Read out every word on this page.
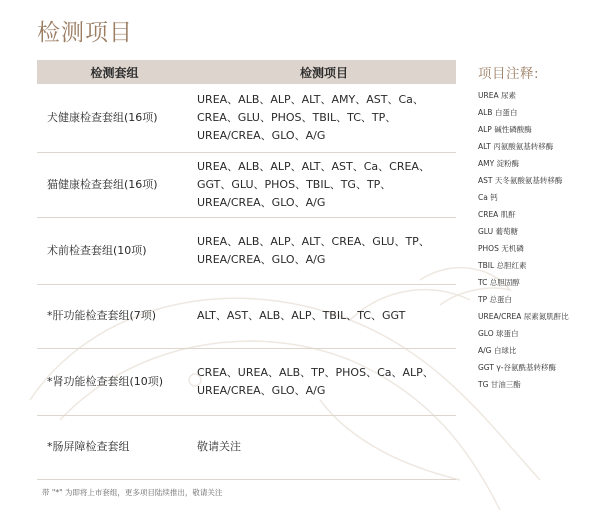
检测项目
检测套组	检测项目
犬健康检查套组(16项)	UREA、ALB、ALP、ALT、AMY、AST、Ca、CREA、GLU、PHOS、TBIL、TC、TP、UREA/CREA、GLO、A/G
猫健康检查套组(16项)	UREA、ALB、ALP、ALT、AST、Ca、CREA、GGT、GLU、PHOS、TBIL、TG、TP、UREA/CREA、GLO、A/G
术前检查套组(10项)	UREA、ALB、ALP、ALT、CREA、GLU、TP、UREA/CREA、GLO、A/G
*肝功能检查套组(7项)	ALT、AST、ALB、ALP、TBIL、TC、GGT
*肾功能检查套组(10项)	CREA、UREA、ALB、TP、PHOS、Ca、ALP、UREA/CREA、GLO、A/G
*肠屏障检查套组	敬请关注
项目注释:
UREA 尿素
ALB 白蛋白
ALP 碱性磷酸酶
ALT 丙氨酸氨基转移酶
AMY 淀粉酶
AST 天冬氨酸氨基转移酶
Ca 钙
CREA 肌酐
GLU 葡萄糖
PHOS 无机磷
TBIL 总胆红素
TC 总胆固醇
TP 总蛋白
UREA/CREA 尿素氮肌酐比
GLO 球蛋白
A/G 白球比
GGT γ-谷氨酰基转移酶
TG 甘油三酯
带 "*" 为即将上市套组，更多项目陆续推出，敬请关注
